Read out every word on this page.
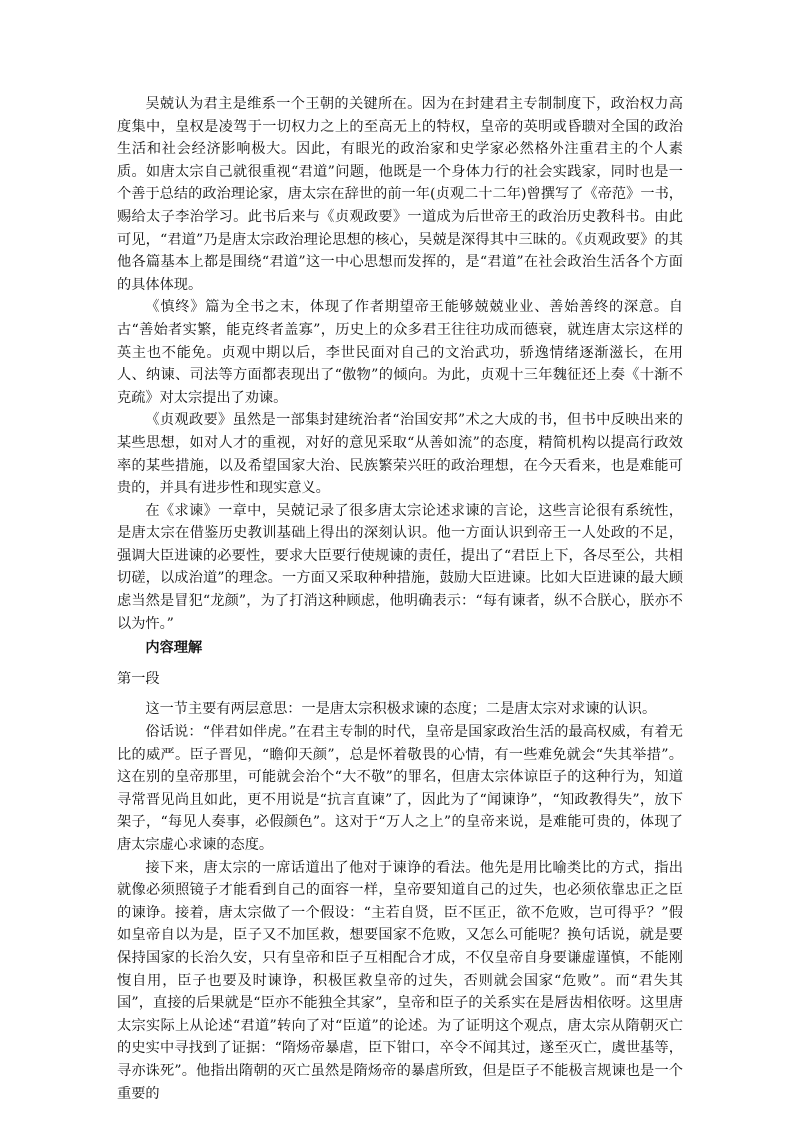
吴兢认为君主是维系一个王朝的关键所在。因为在封建君主专制制度下，政治权力高度集中，皇权是凌驾于一切权力之上的至高无上的特权，皇帝的英明或昏聩对全国的政治生活和社会经济影响极大。因此，有眼光的政治家和史学家必然格外注重君主的个人素质。如唐太宗自己就很重视“君道”问题，他既是一个身体力行的社会实践家，同时也是一个善于总结的政治理论家，唐太宗在辞世的前一年(贞观二十二年)曾撰写了《帝范》一书，赐给太子李治学习。此书后来与《贞观政要》一道成为后世帝王的政治历史教科书。由此可见，“君道”乃是唐太宗政治理论思想的核心，吴兢是深得其中三昧的。《贞观政要》的其他各篇基本上都是围绕“君道”这一中心思想而发挥的，是“君道”在社会政治生活各个方面的具体体现。

《慎终》篇为全书之末，体现了作者期望帝王能够兢兢业业、善始善终的深意。自古“善始者实繁，能克终者盖寡”，历史上的众多君王往往功成而德衰，就连唐太宗这样的英主也不能免。贞观中期以后，李世民面对自己的文治武功，骄逸情绪逐渐滋长，在用人、纳谏、司法等方面都表现出了“傲物”的倾向。为此，贞观十三年魏征还上奏《十渐不克疏》对太宗提出了劝谏。

《贞观政要》虽然是一部集封建统治者“治国安邦”术之大成的书，但书中反映出来的某些思想，如对人才的重视，对好的意见采取“从善如流”的态度，精简机构以提高行政效率的某些措施，以及希望国家大治、民族繁荣兴旺的政治理想，在今天看来，也是难能可贵的，并具有进步性和现实意义。

在《求谏》一章中，吴兢记录了很多唐太宗论述求谏的言论，这些言论很有系统性，是唐太宗在借鉴历史教训基础上得出的深刻认识。他一方面认识到帝王一人处政的不足，强调大臣进谏的必要性，要求大臣要行使规谏的责任，提出了“君臣上下，各尽至公，共相切磋，以成治道”的理念。一方面又采取种种措施，鼓励大臣进谏。比如大臣进谏的最大顾虑当然是冒犯“龙颜”，为了打消这种顾虑，他明确表示：“每有谏者，纵不合朕心，朕亦不以为忤。”

内容理解

第一段

这一节主要有两层意思：一是唐太宗积极求谏的态度；二是唐太宗对求谏的认识。

俗话说：“伴君如伴虎。”在君主专制的时代，皇帝是国家政治生活的最高权威，有着无比的威严。臣子晋见，“瞻仰天颜”，总是怀着敬畏的心情，有一些难免就会“失其举措”。这在别的皇帝那里，可能就会治个“大不敬”的罪名，但唐太宗体谅臣子的这种行为，知道寻常晋见尚且如此，更不用说是“抗言直谏”了，因此为了“闻谏诤”，“知政教得失”，放下架子，“每见人奏事，必假颜色”。这对于“万人之上”的皇帝来说，是难能可贵的，体现了唐太宗虚心求谏的态度。

接下来，唐太宗的一席话道出了他对于谏诤的看法。他先是用比喻类比的方式，指出就像必须照镜子才能看到自己的面容一样，皇帝要知道自己的过失，也必须依靠忠正之臣的谏诤。接着，唐太宗做了一个假设：“主若自贤，臣不匡正，欲不危败，岂可得乎？”假如皇帝自以为是，臣子又不加匡救，想要国家不危败，又怎么可能呢？换句话说，就是要保持国家的长治久安，只有皇帝和臣子互相配合才成，不仅皇帝自身要谦虚谨慎，不能刚愎自用，臣子也要及时谏诤，积极匡救皇帝的过失，否则就会国家“危败”。而“君失其国”，直接的后果就是“臣亦不能独全其家”，皇帝和臣子的关系实在是唇齿相依呀。这里唐太宗实际上从论述“君道”转向了对“臣道”的论述。为了证明这个观点，唐太宗从隋朝灭亡的史实中寻找到了证据：“隋炀帝暴虐，臣下钳口，卒令不闻其过，遂至灭亡，虞世基等，寻亦诛死”。他指出隋朝的灭亡虽然是隋炀帝的暴虐所致，但是臣子不能极言规谏也是一个重要的
